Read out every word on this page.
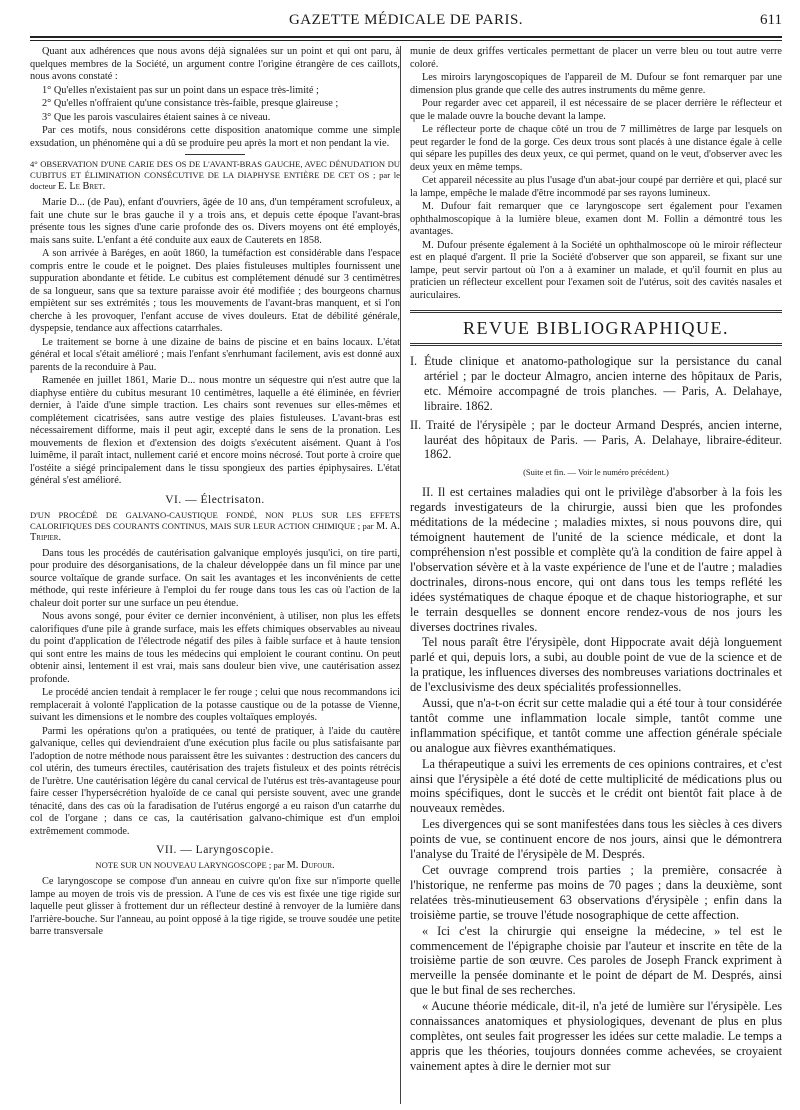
GAZETTE MÉDICALE DE PARIS.	611

Quant aux adhérences que nous avons déjà signalées sur un point et qui ont paru, à quelques membres de la Société, un argument contre l'origine étrangère de ces caillots, nous avons constaté :

1° Qu'elles n'existaient pas sur un point dans un espace très-limité ;

2° Qu'elles n'offraient qu'une consistance très-faible, presque glaireuse ;

3° Que les parois vasculaires étaient saines à ce niveau.

Par ces motifs, nous considérons cette disposition anatomique comme une simple exsudation, un phénomène qui a dû se produire peu après la mort et non pendant la vie.

4° OBSERVATION D'UNE CARIE DES OS DE L'AVANT-BRAS GAUCHE, AVEC DÉNUDATION DU CUBITUS ET ÉLIMINATION CONSÉCUTIVE DE LA DIAPHYSE ENTIÈRE DE CET OS ; par le docteur E. Le Bret.

Marie D... (de Pau), enfant d'ouvriers, âgée de 10 ans, d'un tempérament scrofuleux, a fait une chute sur le bras gauche il y a trois ans, et depuis cette époque l'avant-bras présente tous les signes d'une carie profonde des os. Divers moyens ont été employés, mais sans suite. L'enfant a été conduite aux eaux de Cauterets en 1858.

A son arrivée à Baréges, en août 1860, la tuméfaction est considérable dans l'espace compris entre le coude et le poignet. Des plaies fistuleuses multiples fournissent une suppuration abondante et fétide. Le cubitus est complétement dénudé sur 3 centimètres de sa longueur, sans que sa texture paraisse avoir été modifiée ; des bourgeons charnus empiètent sur ses extrémités ; tous les mouvements de l'avant-bras manquent, et si l'on cherche à les provoquer, l'enfant accuse de vives douleurs. Etat de débilité générale, dyspepsie, tendance aux affections catarrhales.

Le traitement se borne à une dizaine de bains de piscine et en bains locaux. L'état général et local s'était amélioré ; mais l'enfant s'enrhumant facilement, avis est donné aux parents de la reconduire à Pau.

Ramenée en juillet 1861, Marie D... nous montre un séquestre qui n'est autre que la diaphyse entière du cubitus mesurant 10 centimètres, laquelle a été éliminée, en février dernier, à l'aide d'une simple traction. Les chairs sont revenues sur elles-mêmes et complétement cicatrisées, sans autre vestige des plaies fistuleuses. L'avant-bras est nécessairement difforme, mais il peut agir, excepté dans le sens de la pronation. Les mouvements de flexion et d'extension des doigts s'exécutent aisément. Quant à l'os luimême, il paraît intact, nullement carié et encore moins nécrosé. Tout porte à croire que l'ostéite a siégé principalement dans le tissu spongieux des parties épiphysaires. L'état général s'est amélioré.

VI. — Électrisaton.

D'UN PROCÉDÉ DE GALVANO-CAUSTIQUE FONDÉ, NON PLUS SUR LES EFFETS CALORIFIQUES DES COURANTS CONTINUS, MAIS SUR LEUR ACTION CHIMIQUE ; par M. A. Tripier.

Dans tous les procédés de cautérisation galvanique employés jusqu'ici, on tire parti, pour produire des désorganisations, de la chaleur développée dans un fil mince par une source voltaïque de grande surface. On sait les avantages et les inconvénients de cette méthode, qui reste inférieure à l'emploi du fer rouge dans tous les cas où l'action de la chaleur doit porter sur une surface un peu étendue.

Nous avons songé, pour éviter ce dernier inconvénient, à utiliser, non plus les effets calorifiques d'une pile à grande surface, mais les effets chimiques observables au niveau du point d'application de l'électrode négatif des piles à faible surface et à haute tension qui sont entre les mains de tous les médecins qui emploient le courant continu. On peut obtenir ainsi, lentement il est vrai, mais sans douleur bien vive, une cautérisation assez profonde.

Le procédé ancien tendait à remplacer le fer rouge ; celui que nous recommandons ici remplacerait à volonté l'application de la potasse caustique ou de la potasse de Vienne, suivant les dimensions et le nombre des couples voltaïques employés.

Parmi les opérations qu'on a pratiquées, ou tenté de pratiquer, à l'aide du cautère galvanique, celles qui deviendraient d'une exécution plus facile ou plus satisfaisante par l'adoption de notre méthode nous paraissent être les suivantes : destruction des cancers du col utérin, des tumeurs érectiles, cautérisation des trajets fistuleux et des points rétrécis de l'urètre. Une cautérisation légère du canal cervical de l'utérus est très-avantageuse pour faire cesser l'hypersécrétion hyaloïde de ce canal qui persiste souvent, avec une grande ténacité, dans des cas où la faradisation de l'utérus engorgé a eu raison d'un catarrhe du col de l'organe ; dans ce cas, la cautérisation galvano-chimique est d'un emploi extrêmement commode.

VII. — Laryngoscopie.

NOTE SUR UN NOUVEAU LARYNGOSCOPE ; par M. Dufour.

Ce laryngoscope se compose d'un anneau en cuivre qu'on fixe sur n'importe quelle lampe au moyen de trois vis de pression. A l'une de ces vis est fixée une tige rigide sur laquelle peut glisser à frottement dur un réflecteur destiné à renvoyer de la lumière dans l'arrière-bouche. Sur l'anneau, au point opposé à la tige rigide, se trouve soudée une petite barre transversale

munie de deux griffes verticales permettant de placer un verre bleu ou tout autre verre coloré.

Les miroirs laryngoscopiques de l'appareil de M. Dufour se font remarquer par une dimension plus grande que celle des autres instruments du même genre.

Pour regarder avec cet appareil, il est nécessaire de se placer derrière le réflecteur et que le malade ouvre la bouche devant la lampe.

Le réflecteur porte de chaque côté un trou de 7 millimètres de large par lesquels on peut regarder le fond de la gorge. Ces deux trous sont placés à une distance égale à celle qui sépare les pupilles des deux yeux, ce qui permet, quand on le veut, d'observer avec les deux yeux en même temps.

Cet appareil nécessite au plus l'usage d'un abat-jour coupé par derrière et qui, placé sur la lampe, empêche le malade d'être incommodé par ses rayons lumineux.

M. Dufour fait remarquer que ce laryngoscope sert également pour l'examen ophthalmoscopique à la lumière bleue, examen dont M. Follin a démontré tous les avantages.

M. Dufour présente également à la Société un ophthalmoscope où le miroir réflecteur est en plaqué d'argent. Il prie la Société d'observer que son appareil, se fixant sur une lampe, peut servir partout où l'on a à examiner un malade, et qu'il fournit en plus au praticien un réflecteur excellent pour l'examen soit de l'utérus, soit des cavités nasales et auriculaires.

REVUE BIBLIOGRAPHIQUE.
I. Étude clinique et anatomo-pathologique sur la persistance du canal artériel ; par le docteur Almagro, ancien interne des hôpitaux de Paris, etc. Mémoire accompagné de trois planches. — Paris, A. Delahaye, libraire. 1862.
II. Traité de l'érysipèle ; par le docteur Armand Després, ancien interne, lauréat des hôpitaux de Paris. — Paris, A. Delahaye, libraire-éditeur. 1862.
(Suite et fin. — Voir le numéro précédent.)

II. Il est certaines maladies qui ont le privilège d'absorber à la fois les regards investigateurs de la chirurgie, aussi bien que les profondes méditations de la médecine ; maladies mixtes, si nous pouvons dire, qui témoignent hautement de l'unité de la science médicale, et dont la compréhension n'est possible et complète qu'à la condition de faire appel à l'observation sévère et à la vaste expérience de l'une et de l'autre ; maladies doctrinales, dirons-nous encore, qui ont dans tous les temps reflété les idées systématiques de chaque époque et de chaque historiographe, et sur le terrain desquelles se donnent encore rendez-vous de nos jours les diverses doctrines rivales.

Tel nous paraît être l'érysipèle, dont Hippocrate avait déjà longuement parlé et qui, depuis lors, a subi, au double point de vue de la science et de la pratique, les influences diverses des nombreuses variations doctrinales et de l'exclusivisme des deux spécialités professionnelles.

Aussi, que n'a-t-on écrit sur cette maladie qui a été tour à tour considérée tantôt comme une inflammation locale simple, tantôt comme une inflammation spécifique, et tantôt comme une affection générale spéciale ou analogue aux fièvres exanthématiques.

La thérapeutique a suivi les errements de ces opinions contraires, et c'est ainsi que l'érysipèle a été doté de cette multiplicité de médications plus ou moins spécifiques, dont le succès et le crédit ont bientôt fait place à de nouveaux remèdes.

Les divergences qui se sont manifestées dans tous les siècles à ces divers points de vue, se continuent encore de nos jours, ainsi que le démontrera l'analyse du Traité de l'érysipèle de M. Després.

Cet ouvrage comprend trois parties ; la première, consacrée à l'historique, ne renferme pas moins de 70 pages ; dans la deuxième, sont relatées très-minutieusement 63 observations d'érysipèle ; enfin dans la troisième partie, se trouve l'étude nosographique de cette affection.

« Ici c'est la chirurgie qui enseigne la médecine, » tel est le commencement de l'épigraphe choisie par l'auteur et inscrite en tête de la troisième partie de son œuvre. Ces paroles de Joseph Franck expriment à merveille la pensée dominante et le point de départ de M. Després, ainsi que le but final de ses recherches.

« Aucune théorie médicale, dit-il, n'a jeté de lumière sur l'érysipèle. Les connaissances anatomiques et physiologiques, devenant de plus en plus complètes, ont seules fait progresser les idées sur cette maladie. Le temps a appris que les théories, toujours données comme achevées, se croyaient vainement aptes à dire le dernier mot sur
